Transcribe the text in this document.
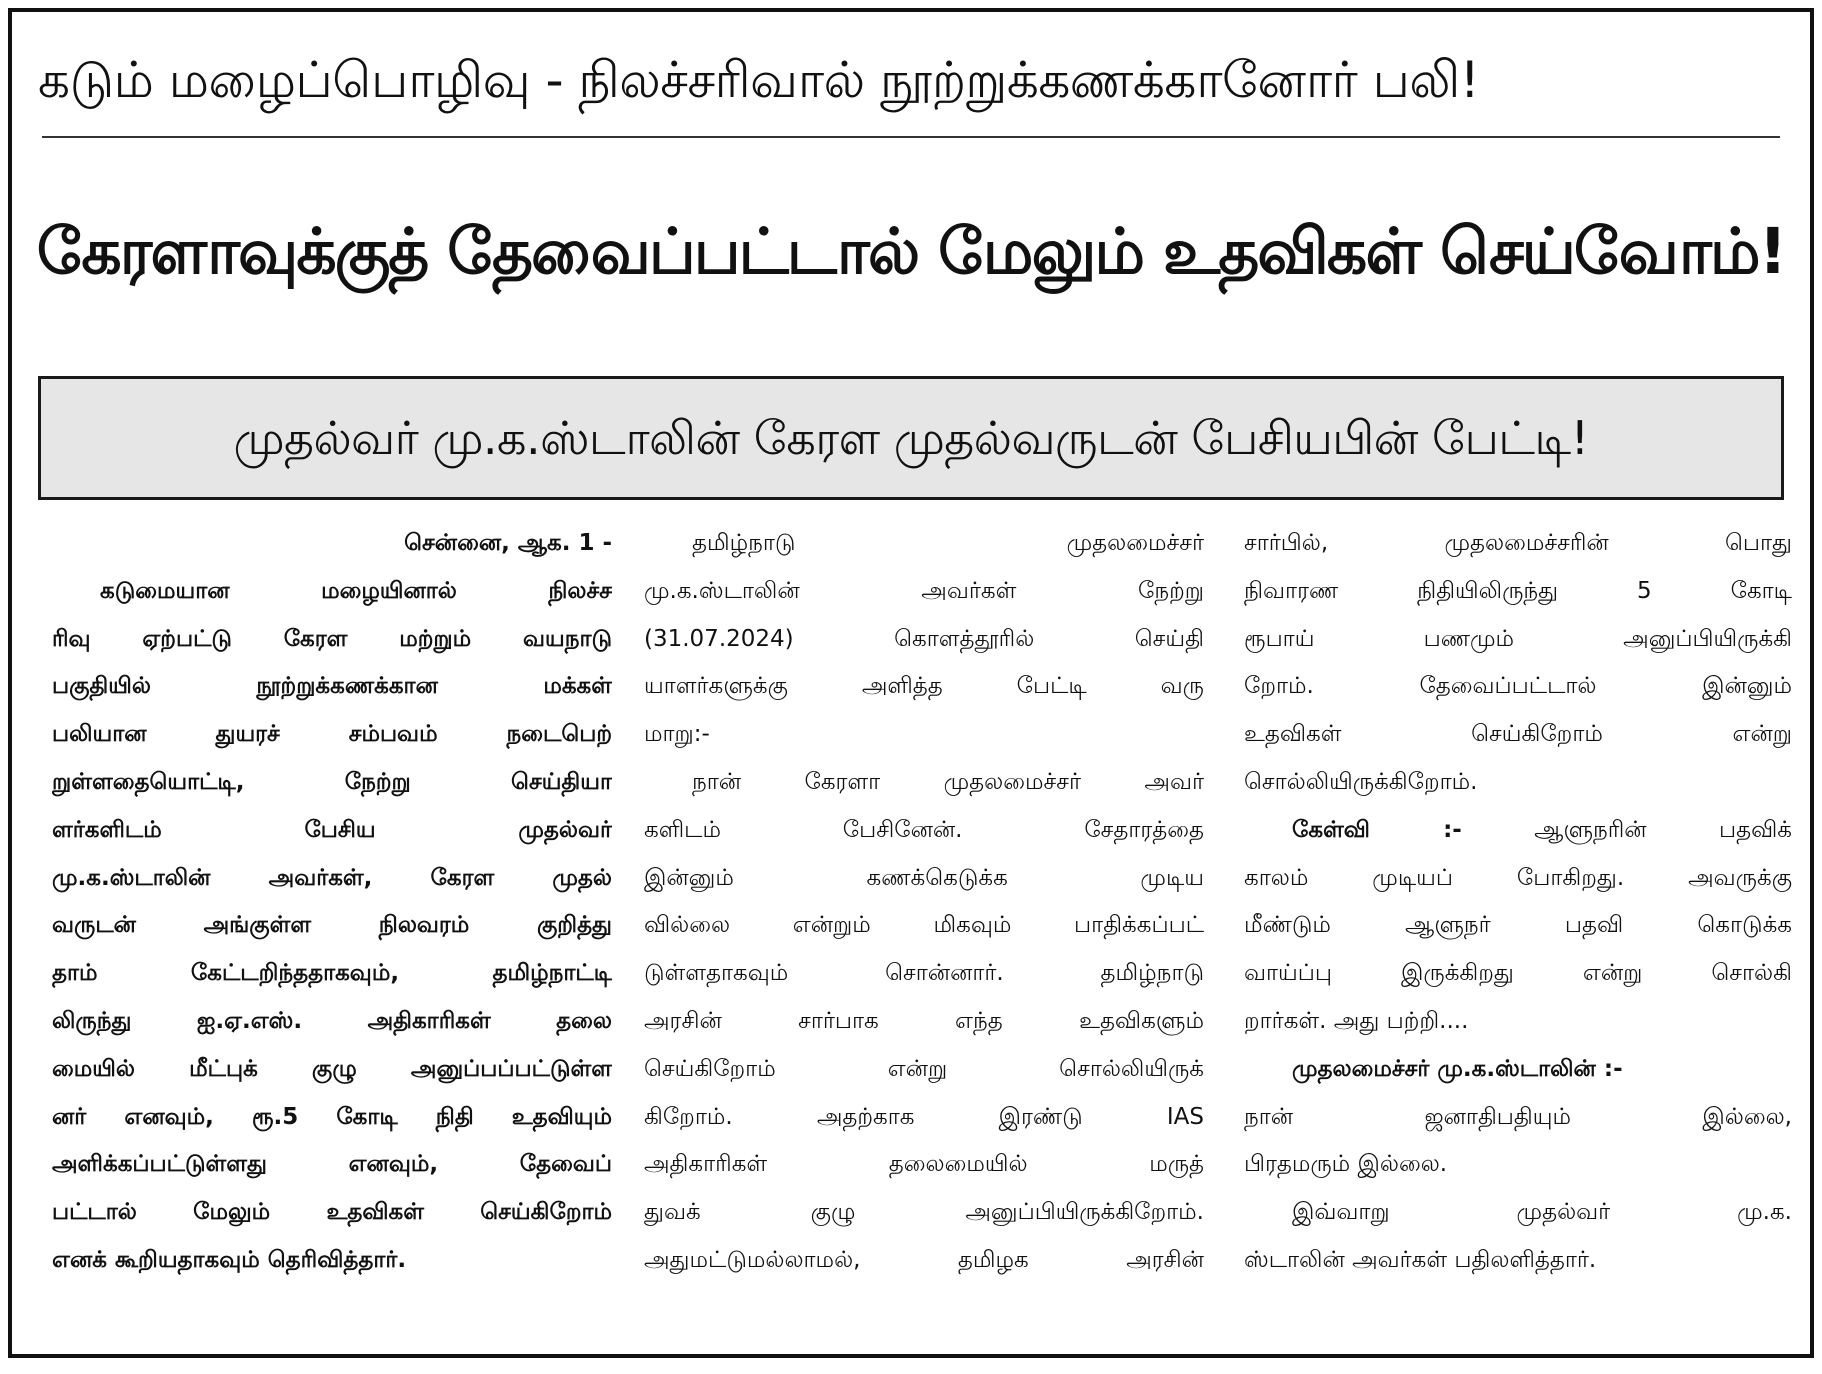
கடும் மழைப்பொழிவு - நிலச்சரிவால் நூற்றுக்கணக்கானோர் பலி!
கேரளாவுக்குத் தேவைப்பட்டால் மேலும் உதவிகள் செய்வோம்!
முதல்வர் மு.க.ஸ்டாலின் கேரள முதல்வருடன் பேசியபின் பேட்டி!
சென்னை, ஆக. 1 -
கடுமையான மழையினால் நிலச்ச
ரிவு ஏற்பட்டு கேரள மற்றும் வயநாடு
பகுதியில் நூற்றுக்கணக்கான மக்கள்
பலியான துயரச் சம்பவம் நடைபெற்
றுள்ளதையொட்டி, நேற்று செய்தியா
ளர்களிடம் பேசிய முதல்வர்
மு.க.ஸ்டாலின் அவர்கள், கேரள முதல்
வருடன் அங்குள்ள நிலவரம் குறித்து
தாம் கேட்டறிந்ததாகவும், தமிழ்நாட்டி
லிருந்து ஐ.ஏ.எஸ். அதிகாரிகள் தலை
மையில் மீட்புக் குழு அனுப்பப்பட்டுள்ள
னர் எனவும், ரூ.5 கோடி நிதி உதவியும்
அளிக்கப்பட்டுள்ளது எனவும், தேவைப்
பட்டால் மேலும் உதவிகள் செய்கிறோம்
எனக் கூறியதாகவும் தெரிவித்தார்.
தமிழ்நாடு முதலமைச்சர்
மு.க.ஸ்டாலின் அவர்கள் நேற்று
(31.07.2024) கொளத்தூரில் செய்தி
யாளர்களுக்கு அளித்த பேட்டி வரு
மாறு:-
நான் கேரளா முதலமைச்சர் அவர்
களிடம் பேசினேன். சேதாரத்தை
இன்னும் கணக்கெடுக்க முடிய
வில்லை என்றும் மிகவும் பாதிக்கப்பட்
டுள்ளதாகவும் சொன்னார். தமிழ்நாடு
அரசின் சார்பாக எந்த உதவிகளும்
செய்கிறோம் என்று சொல்லியிருக்
கிறோம். அதற்காக இரண்டு IAS
அதிகாரிகள் தலைமையில் மருத்
துவக் குழு அனுப்பியிருக்கிறோம்.
அதுமட்டுமல்லாமல், தமிழக அரசின்
சார்பில், முதலமைச்சரின் பொது
நிவாரண நிதியிலிருந்து 5 கோடி
ரூபாய் பணமும் அனுப்பியிருக்கி
றோம். தேவைப்பட்டால் இன்னும்
உதவிகள் செய்கிறோம் என்று
சொல்லியிருக்கிறோம்.
கேள்வி :-	ஆளுநரின் பதவிக்
காலம் முடியப் போகிறது. அவருக்கு
மீண்டும் ஆளுநர் பதவி கொடுக்க
வாய்ப்பு இருக்கிறது என்று சொல்கி
றார்கள். அது பற்றி....
முதலமைச்சர் மு.க.ஸ்டாலின் :-
நான் ஜனாதிபதியும் இல்லை,
பிரதமரும் இல்லை.
இவ்வாறு முதல்வர் மு.க.
ஸ்டாலின் அவர்கள் பதிலளித்தார்.
